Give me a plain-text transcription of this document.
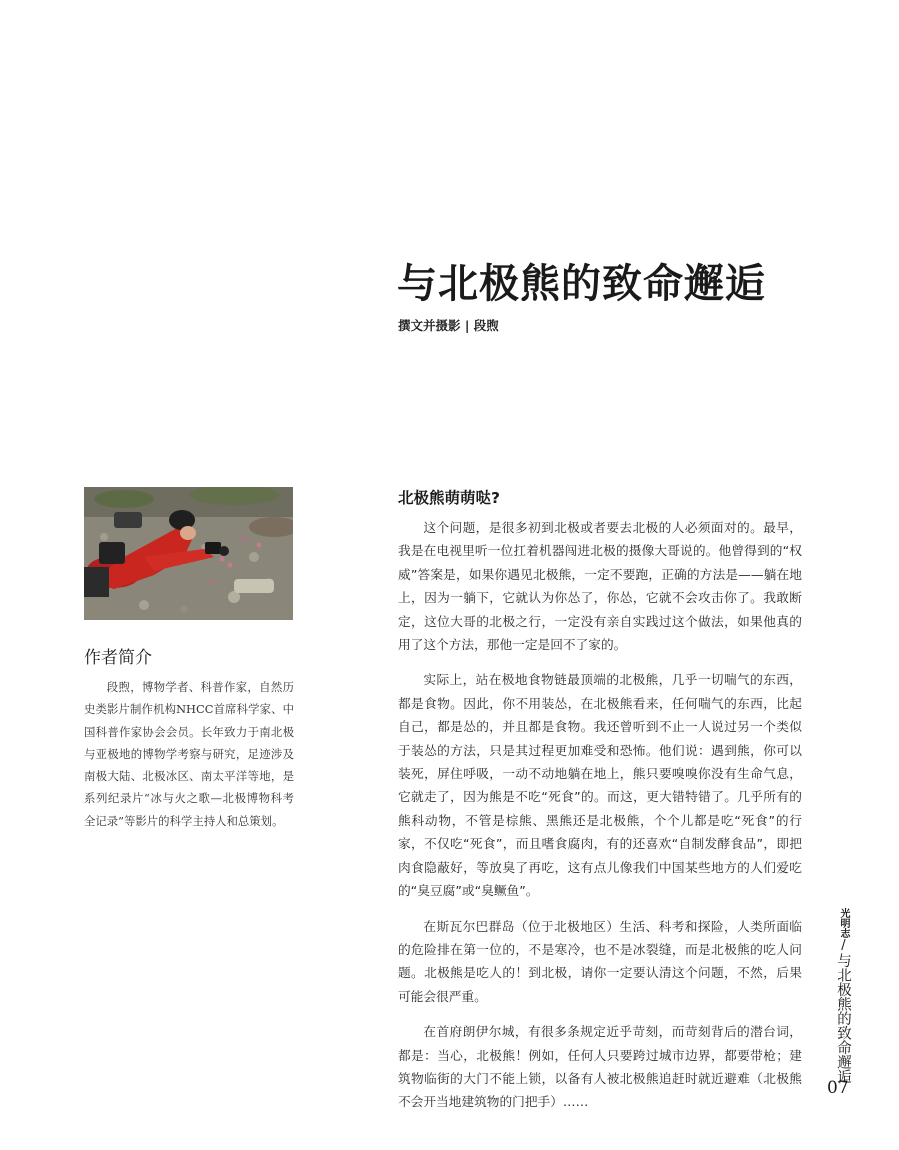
与北极熊的致命邂逅
撰文并摄影 | 段煦
作者简介

段煦，博物学者、科普作家，自然历史类影片制作机构NHCC首席科学家、中国科普作家协会会员。长年致力于南北极与亚极地的博物学考察与研究，足迹涉及南极大陆、北极冰区、南太平洋等地，是系列纪录片“冰与火之歌—北极博物科考全记录”等影片的科学主持人和总策划。

北极熊萌萌哒?

这个问题，是很多初到北极或者要去北极的人必须面对的。最早，我是在电视里听一位扛着机器闯进北极的摄像大哥说的。他曾得到的“权威”答案是，如果你遇见北极熊，一定不要跑，正确的方法是——躺在地上，因为一躺下，它就认为你怂了，你怂，它就不会攻击你了。我敢断定，这位大哥的北极之行，一定没有亲自实践过这个做法，如果他真的用了这个方法，那他一定是回不了家的。

实际上，站在极地食物链最顶端的北极熊，几乎一切喘气的东西，都是食物。因此，你不用装怂，在北极熊看来，任何喘气的东西，比起自己，都是怂的，并且都是食物。我还曾听到不止一人说过另一个类似于装怂的方法，只是其过程更加难受和恐怖。他们说：遇到熊，你可以装死，屏住呼吸，一动不动地躺在地上，熊只要嗅嗅你没有生命气息，它就走了，因为熊是不吃“死食”的。而这，更大错特错了。几乎所有的熊科动物，不管是棕熊、黑熊还是北极熊，个个儿都是吃“死食”的行家，不仅吃“死食”，而且嗜食腐肉，有的还喜欢“自制发酵食品”，即把肉食隐蔽好，等放臭了再吃，这有点儿像我们中国某些地方的人们爱吃的“臭豆腐”或“臭鳜鱼”。

在斯瓦尔巴群岛（位于北极地区）生活、科考和探险，人类所面临的危险排在第一位的，不是寒冷，也不是冰裂缝，而是北极熊的吃人问题。北极熊是吃人的！到北极，请你一定要认清这个问题，不然，后果可能会很严重。

在首府朗伊尔城，有很多条规定近乎苛刻，而苛刻背后的潜台词，都是：当心，北极熊！例如，任何人只要跨过城市边界，都要带枪；建筑物临街的大门不能上锁，以备有人被北极熊追赶时就近避难（北极熊不会开当地建筑物的门把手）……

光明志/与北极熊的致命邂逅
07
